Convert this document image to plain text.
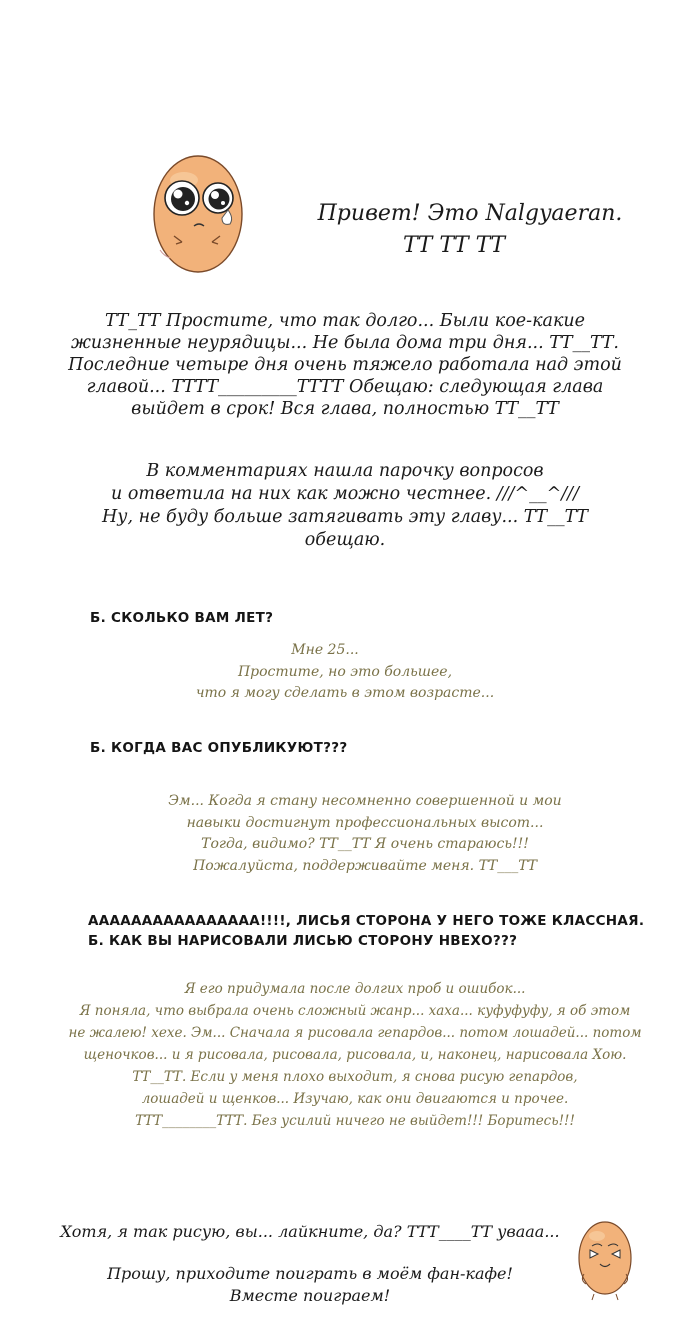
Привет! Это Nalgyaeran.
ТТ ТТ ТТ
ТТ_ТТ Простите, что так долго... Были кое-какие
жизненные неурядицы... Не была дома три дня... ТТ__ТТ.
Последние четыре дня очень тяжело работала над этой
главой... ТТТТ_________ТТТТ Обещаю: следующая глава
выйдет в срок! Вся глава, полностью ТТ__ТТ
В комментариях нашла парочку вопросов
и ответила на них как можно честнее. ///^__^///
Ну, не буду больше затягивать эту главу... ТТ__ТТ
обещаю.
Б. СКОЛЬКО ВАМ ЛЕТ?
Мне 25...
Простите, но это большее,
что я могу сделать в этом возрасте...
Б. КОГДА ВАС ОПУБЛИКУЮТ???
Эм... Когда я стану несомненно совершенной и мои
навыки достигнут профессиональных высот...
Тогда, видимо? ТТ__ТТ Я очень стараюсь!!!
Пожалуйста, поддерживайте меня. ТТ___ТТ
АААААААААААААААА!!!!, ЛИСЬЯ СТОРОНА У НЕГО ТОЖЕ КЛАССНАЯ.
Б. КАК ВЫ НАРИСОВАЛИ ЛИСЬЮ СТОРОНУ НВЕХО???
Я его придумала после долгих проб и ошибок...
Я поняла, что выбрала очень сложный жанр... хаха... куфуфуфу, я об этом
не жалею! хехе. Эм... Сначала я рисовала гепардов... потом лошадей... потом
щеночков... и я рисовала, рисовала, рисовала, и, наконец, нарисовала Хою.
ТТ__ТТ. Если у меня плохо выходит, я снова рисую гепардов,
лошадей и щенков... Изучаю, как они двигаются и прочее.
ТТТ________ТТТ. Без усилий ничего не выйдет!!! Боритесь!!!
Хотя, я так рисую, вы... лайкните, да? ТТТ____ТТ уваaa...
Прошу, приходите поиграть в моём фан-кафе!
Вместе поиграем!
